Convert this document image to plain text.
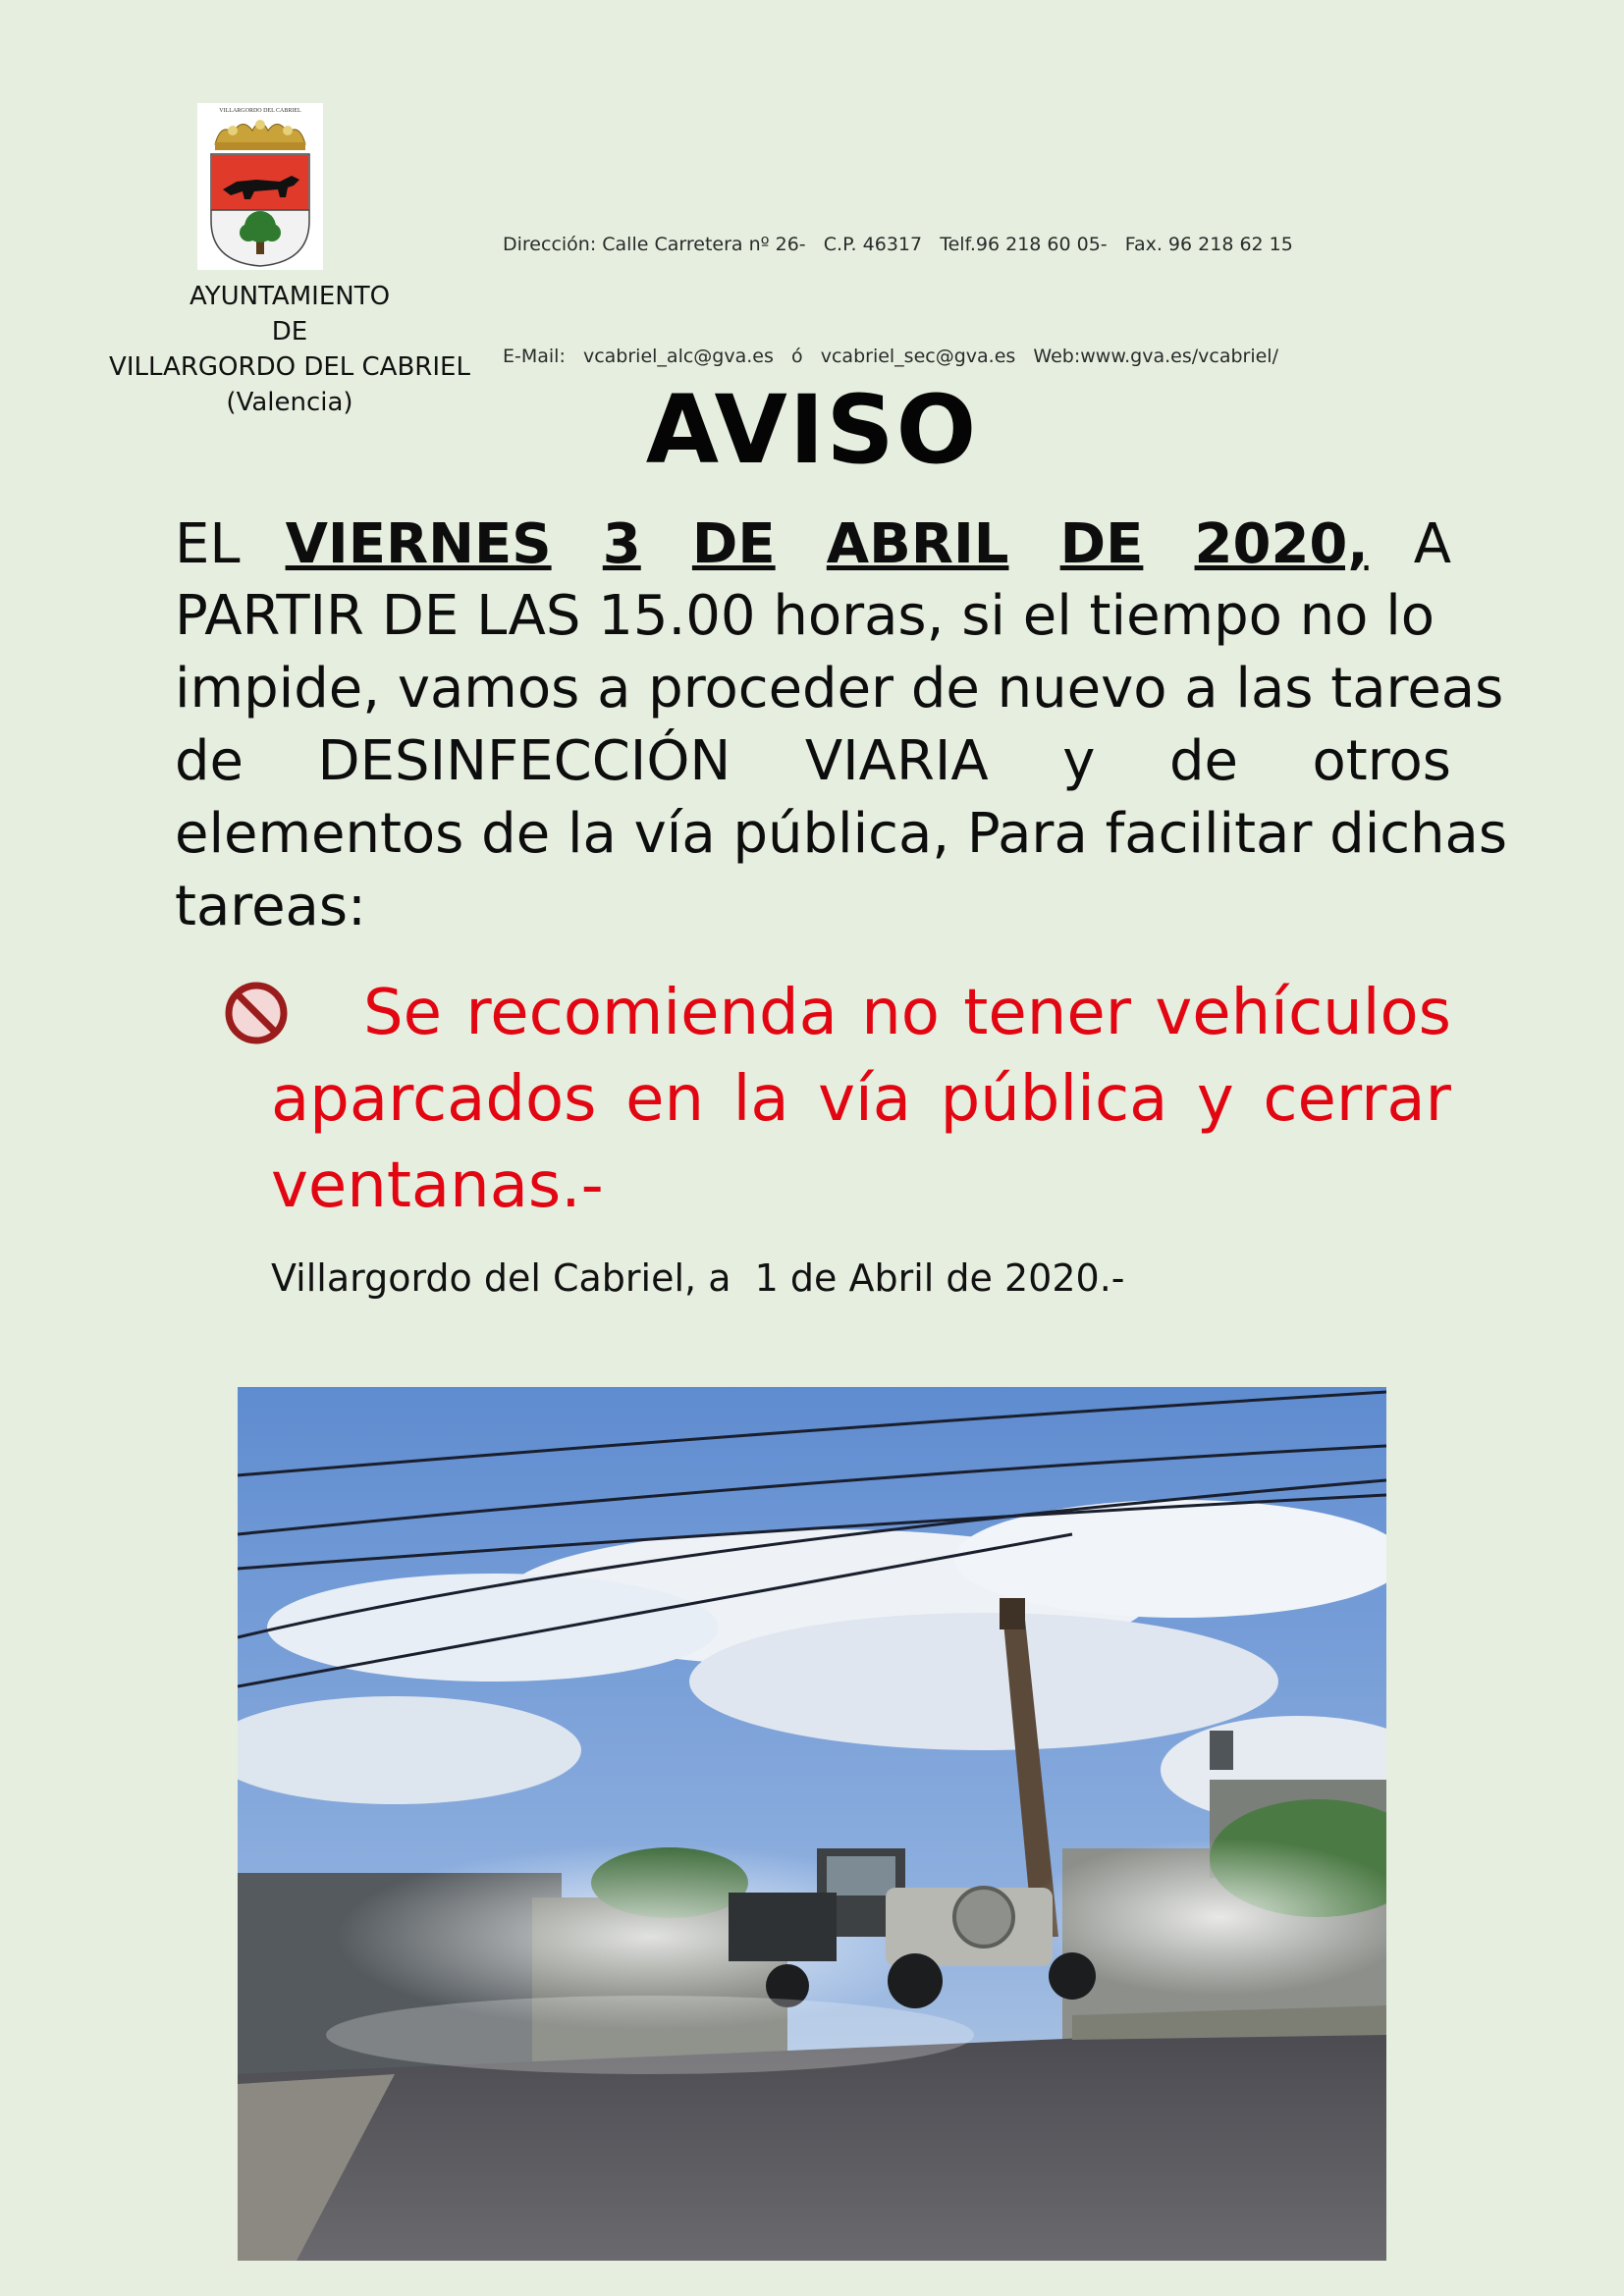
VILLARGORDO DEL CABRIEL
AYUNTAMIENTO
DE
VILLARGORDO DEL CABRIEL
(Valencia)

Dirección: Calle Carretera nº 26-   C.P. 46317   Telf.96 218 60 05-   Fax. 96 218 62 15

E-Mail:   vcabriel_alc@gva.es   ó   vcabriel_sec@gva.es   Web:www.gva.es/vcabriel/

AVISO
EL VIERNES 3 DE ABRIL DE 2020, A
PARTIR DE LAS 15.00 horas, si el tiempo no lo
impide, vamos a proceder de nuevo a las tareas
de DESINFECCIÓN VIARIA y de otros
elementos de la vía pública, Para facilitar dichas
tareas:
Se recomienda no tener vehículos
aparcados en la vía pública y cerrar
ventanas.-
Villargordo del Cabriel, a  1 de Abril de 2020.-
